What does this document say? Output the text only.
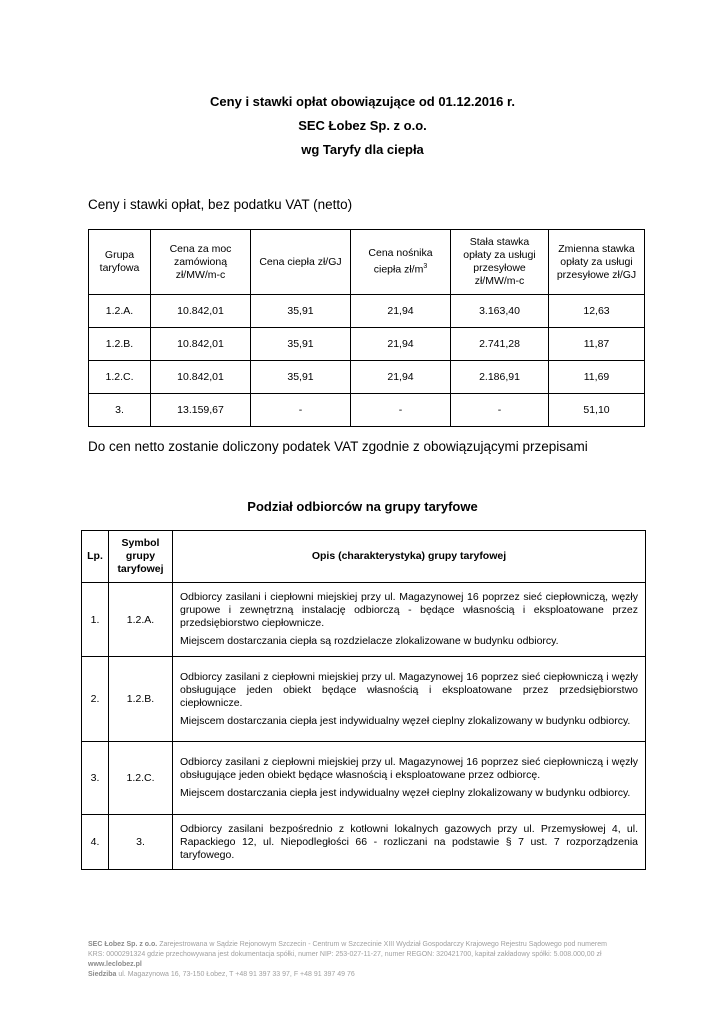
Ceny i stawki opłat obowiązujące od 01.12.2016 r.
SEC Łobez Sp. z o.o.
wg Taryfy dla ciepła
Ceny i stawki opłat, bez podatku VAT (netto)
Grupa taryfowa	Cena za moc zamówioną zł/MW/m-c	Cena ciepła zł/GJ	Cena nośnika ciepła $zł/m^3$	Stała stawka opłaty za usługi przesyłowe zł/MW/m-c	Zmienna stawka opłaty za usługi przesyłowe zł/GJ
1.2.A.	10.842,01	35,91	21,94	3.163,40	12,63
1.2.B.	10.842,01	35,91	21,94	2.741,28	11,87
1.2.C.	10.842,01	35,91	21,94	2.186,91	11,69
3.	13.159,67	-	-	-	51,10
Do cen netto zostanie doliczony podatek VAT zgodnie z obowiązującymi przepisami
Podział odbiorców na grupy taryfowe
Lp.	Symbol grupy taryfowej	Opis (charakterystyka) grupy taryfowej
1.	1.2.A.	Odbiorcy zasilani i ciepłowni miejskiej przy ul. Magazynowej 16 poprzez sieć ciepłowniczą, węzły grupowe i zewnętrzną instalację odbiorczą - będące własnością i eksploatowane przez przedsiębiorstwo ciepłownicze.

Miejscem dostarczania ciepła są rozdzielacze zlokalizowane w budynku odbiorcy.

2.	1.2.B.	Odbiorcy zasilani z ciepłowni miejskiej przy ul. Magazynowej 16 poprzez sieć ciepłowniczą i węzły obsługujące jeden obiekt będące własnością i eksploatowane przez przedsiębiorstwo ciepłownicze.

Miejscem dostarczania ciepła jest indywidualny węzeł cieplny zlokalizowany w budynku odbiorcy.

3.	1.2.C.	Odbiorcy zasilani z ciepłowni miejskiej przy ul. Magazynowej 16 poprzez sieć ciepłowniczą i węzły obsługujące jeden obiekt będące własnością i eksploatowane przez odbiorcę.

Miejscem dostarczania ciepła jest indywidualny węzeł cieplny zlokalizowany w budynku odbiorcy.

4.	3.	Odbiorcy zasilani bezpośrednio z kotłowni lokalnych gazowych przy ul. Przemysłowej 4, ul. Rapackiego 12, ul. Niepodległości 66 - rozliczani na podstawie § 7 ust. 7 rozporządzenia taryfowego.

SEC Łobez Sp. z o.o. Zarejestrowana w Sądzie Rejonowym Szczecin - Centrum w Szczecinie XIII Wydział Gospodarczy Krajowego Rejestru Sądowego pod numerem
KRS: 0000291324 gdzie przechowywana jest dokumentacja spółki, numer NIP: 253-027-11-27, numer REGON: 320421700, kapitał zakładowy spółki: 5.008.000,00 zł
www.leclobez.pl
Siedziba ul. Magazynowa 16, 73-150 Łobez, T +48 91 397 33 97, F +48 91 397 49 76
